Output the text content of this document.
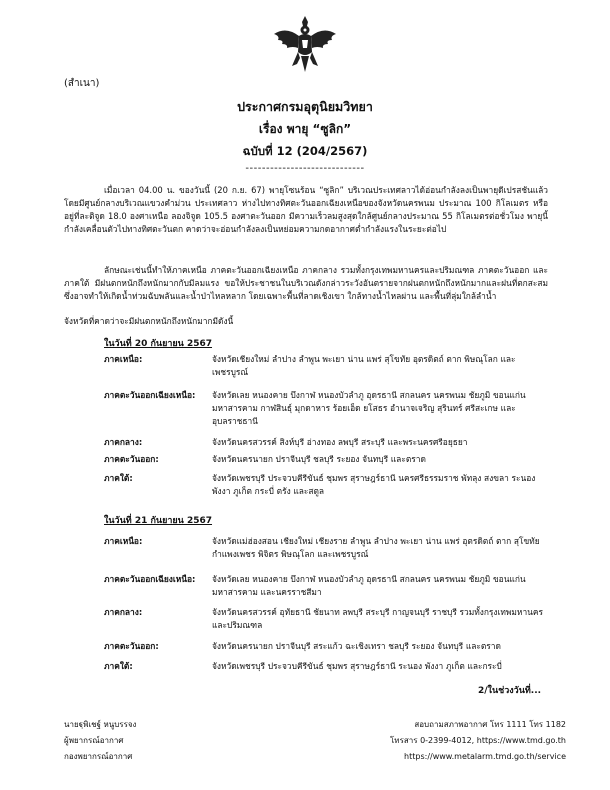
(สำเนา)
ประกาศกรมอุตุนิยมวิทยา
เรื่อง พายุ “ซูลิก”
ฉบับที่ 12 (204/2567)
-----------------------------
เมื่อเวลา 04.00 น. ของวันนี้ (20 ก.ย. 67) พายุโซนร้อน “ซูลิก” บริเวณประเทศลาวได้อ่อนกำลังลงเป็นพายุดีเปรสชันแล้ว โดยมีศูนย์กลางบริเวณแขวงคำม่วน ประเทศลาว ห่างไปทางทิศตะวันออกเฉียงเหนือของจังหวัดนครพนม ประมาณ 100 กิโลเมตร หรืออยู่ที่ละติจูด 18.0 องศาเหนือ ลองจิจูด 105.5 องศาตะวันออก มีความเร็วลมสูงสุดใกล้ศูนย์กลางประมาณ 55 กิโลเมตรต่อชั่วโมง พายุนี้กำลังเคลื่อนตัวไปทางทิศตะวันตก คาดว่าจะอ่อนกำลังลงเป็นหย่อมความกดอากาศต่ำกำลังแรงในระยะต่อไป
ลักษณะเช่นนี้ทำให้ภาคเหนือ ภาคตะวันออกเฉียงเหนือ ภาคกลาง รวมทั้งกรุงเทพมหานครและปริมณฑล ภาคตะวันออก และภาคใต้ มีฝนตกหนักถึงหนักมากกับมีลมแรง ขอให้ประชาชนในบริเวณดังกล่าวระวังอันตรายจากฝนตกหนักถึงหนักมากและฝนที่ตกสะสม ซึ่งอาจทำให้เกิดน้ำท่วมฉับพลันและน้ำป่าไหลหลาก โดยเฉพาะพื้นที่ลาดเชิงเขา ใกล้ทางน้ำไหลผ่าน และพื้นที่ลุ่มใกล้ลำน้ำ
จังหวัดที่คาดว่าจะมีฝนตกหนักถึงหนักมากมีดังนี้
ในวันที่ 20 กันยายน 2567
ภาคเหนือ:	จังหวัดเชียงใหม่ ลำปาง ลำพูน พะเยา น่าน แพร่ สุโขทัย อุตรดิตถ์ ตาก พิษณุโลก และเพชรบูรณ์
ภาคตะวันออกเฉียงเหนือ:	จังหวัดเลย หนองคาย บึงกาฬ หนองบัวลำภู อุดรธานี สกลนคร นครพนม ชัยภูมิ ขอนแก่น มหาสารคาม กาฬสินธุ์ มุกดาหาร ร้อยเอ็ด ยโสธร อำนาจเจริญ สุรินทร์ ศรีสะเกษ และอุบลราชธานี
ภาคกลาง:	จังหวัดนครสวรรค์ สิงห์บุรี อ่างทอง ลพบุรี สระบุรี และพระนครศรีอยุธยา
ภาคตะวันออก:	จังหวัดนครนายก ปราจีนบุรี ชลบุรี ระยอง จันทบุรี และตราด
ภาคใต้:	จังหวัดเพชรบุรี ประจวบคีรีขันธ์ ชุมพร สุราษฎร์ธานี นครศรีธรรมราช พัทลุง สงขลา ระนอง พังงา ภูเก็ต กระบี่ ตรัง และสตูล
ในวันที่ 21 กันยายน 2567
ภาคเหนือ:	จังหวัดแม่ฮ่องสอน เชียงใหม่ เชียงราย ลำพูน ลำปาง พะเยา น่าน แพร่ อุตรดิตถ์ ตาก สุโขทัย กำแพงเพชร พิจิตร พิษณุโลก และเพชรบูรณ์
ภาคตะวันออกเฉียงเหนือ:	จังหวัดเลย หนองคาย บึงกาฬ หนองบัวลำภู อุดรธานี สกลนคร นครพนม ชัยภูมิ ขอนแก่น มหาสารคาม และนครราชสีมา
ภาคกลาง:	จังหวัดนครสวรรค์ อุทัยธานี ชัยนาท ลพบุรี สระบุรี กาญจนบุรี ราชบุรี รวมทั้งกรุงเทพมหานครและปริมณฑล
ภาคตะวันออก:	จังหวัดนครนายก ปราจีนบุรี สระแก้ว ฉะเชิงเทรา ชลบุรี ระยอง จันทบุรี และตราด
ภาคใต้:	จังหวัดเพชรบุรี ประจวบคีรีขันธ์ ชุมพร สุราษฎร์ธานี ระนอง พังงา ภูเก็ต และกระบี่
2/ในช่วงวันที่...
นายฐฺพิเชฐ์ หนูบรรจง
ผู้พยากรณ์อากาศ
กองพยากรณ์อากาศ
สอบถามสภาพอากาศ โทร 1111 โทร 1182
โทรสาร 0-2399-4012, https://www.tmd.go.th
https://www.metalarm.tmd.go.th/service
